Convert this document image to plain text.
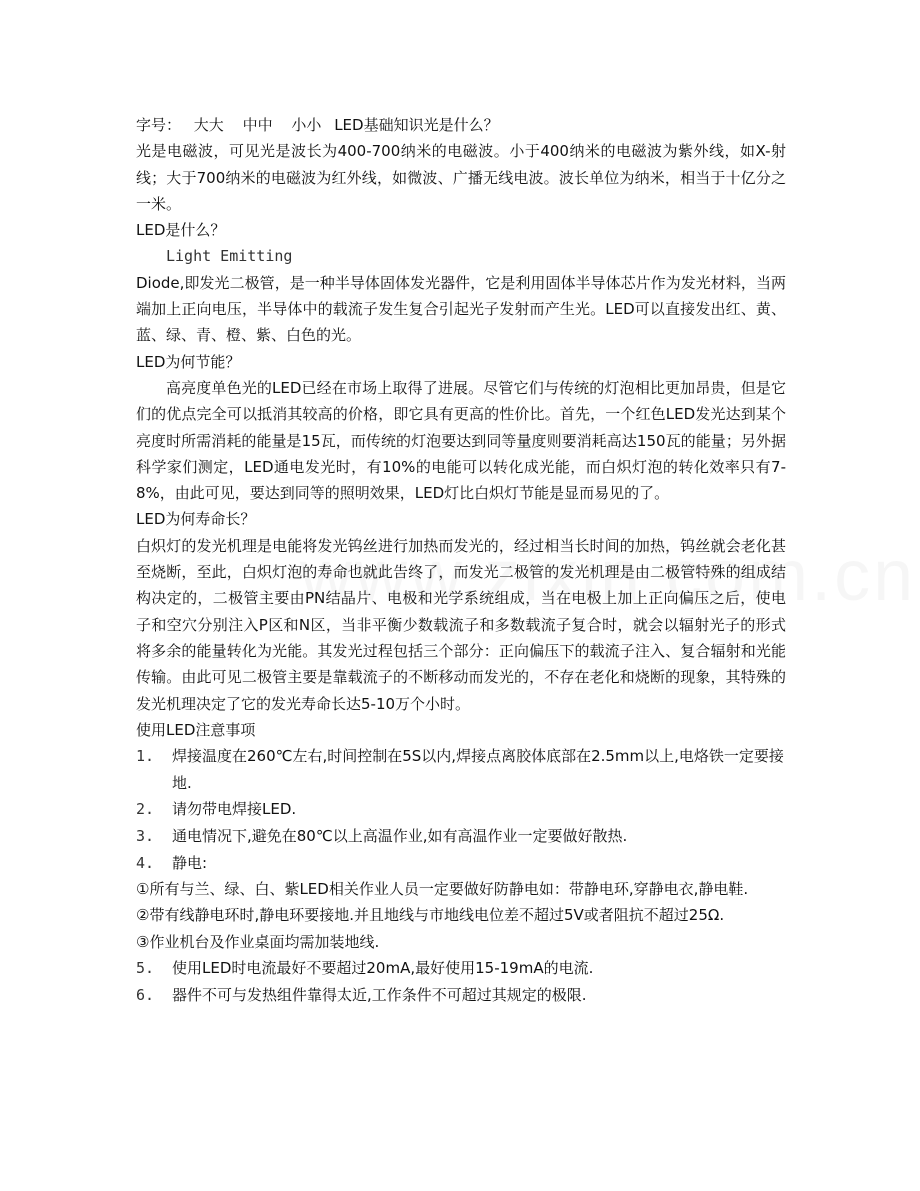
字号： 大大 中中 小小 LED基础知识光是什么？

光是电磁波，可见光是波长为400-700纳米的电磁波。小于400纳米的电磁波为紫外线，如X-射线；大于700纳米的电磁波为红外线，如微波、广播无线电波。波长单位为纳米，相当于十亿分之一米。

LED是什么？

Light Emitting

Diode,即发光二极管，是一种半导体固体发光器件，它是利用固体半导体芯片作为发光材料，当两端加上正向电压，半导体中的载流子发生复合引起光子发射而产生光。LED可以直接发出红、黄、蓝、绿、青、橙、紫、白色的光。

LED为何节能？

高亮度单色光的LED已经在市场上取得了进展。尽管它们与传统的灯泡相比更加昂贵，但是它们的优点完全可以抵消其较高的价格，即它具有更高的性价比。首先，一个红色LED发光达到某个亮度时所需消耗的能量是15瓦，而传统的灯泡要达到同等量度则要消耗高达150瓦的能量；另外据科学家们测定，LED通电发光时，有10%的电能可以转化成光能，而白炽灯泡的转化效率只有7-8%，由此可见，要达到同等的照明效果，LED灯比白炽灯节能是显而易见的了。

LED为何寿命长？

白炽灯的发光机理是电能将发光钨丝进行加热而发光的，经过相当长时间的加热，钨丝就会老化甚至烧断，至此，白炽灯泡的寿命也就此告终了，而发光二极管的发光机理是由二极管特殊的组成结构决定的，二极管主要由PN结晶片、电极和光学系统组成，当在电极上加上正向偏压之后，使电子和空穴分别注入P区和N区，当非平衡少数载流子和多数载流子复合时，就会以辐射光子的形式将多余的能量转化为光能。其发光过程包括三个部分：正向偏压下的载流子注入、复合辐射和光能传输。由此可见二极管主要是靠载流子的不断移动而发光的，不存在老化和烧断的现象，其特殊的发光机理决定了它的发光寿命长达5-10万个小时。

使用LED注意事项

1.	焊接温度在260℃左右,时间控制在5S以内,焊接点离胶体底部在2.5mm以上,电烙铁一定要接地.
2.	请勿带电焊接LED.
3.	通电情况下,避免在80℃以上高温作业,如有高温作业一定要做好散热.
4.	静电:

①所有与兰、绿、白、紫LED相关作业人员一定要做好防静电如：带静电环,穿静电衣,静电鞋.

②带有线静电环时,静电环要接地.并且地线与市地线电位差不超过5V或者阻抗不超过25Ω.

③作业机台及作业桌面均需加装地线.

5.	使用LED时电流最好不要超过20mA,最好使用15-19mA的电流.
6.	器件不可与发热组件靠得太近,工作条件不可超过其规定的极限.
